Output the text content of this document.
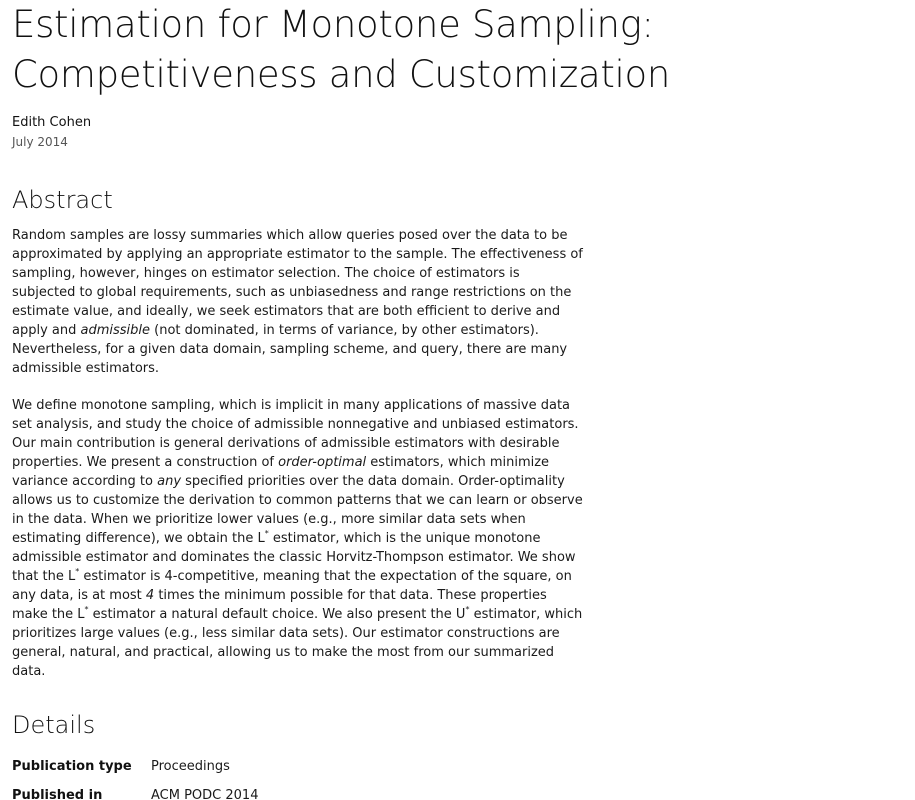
Estimation for Monotone Sampling: Competitiveness and Customization
Edith Cohen
July 2014
Abstract

Random samples are lossy summaries which allow queries posed over the data to be approximated by applying an appropriate estimator to the sample. The effectiveness of sampling, however, hinges on estimator selection. The choice of estimators is subjected to global requirements, such as unbiasedness and range restrictions on the estimate value, and ideally, we seek estimators that are both efficient to derive and apply and admissible (not dominated, in terms of variance, by other estimators). Nevertheless, for a given data domain, sampling scheme, and query, there are many admissible estimators.

We define monotone sampling, which is implicit in many applications of massive data set analysis, and study the choice of admissible nonnegative and unbiased estimators. Our main contribution is general derivations of admissible estimators with desirable properties. We present a construction of order-optimal estimators, which minimize variance according to any specified priorities over the data domain. Order-optimality allows us to customize the derivation to common patterns that we can learn or observe in the data. When we prioritize lower values (e.g., more similar data sets when estimating difference), we obtain the L* estimator, which is the unique monotone admissible estimator and dominates the classic Horvitz-Thompson estimator. We show that the L* estimator is 4-competitive, meaning that the expectation of the square, on any data, is at most 4 times the minimum possible for that data. These properties make the L* estimator a natural default choice. We also present the U* estimator, which prioritizes large values (e.g., less similar data sets). Our estimator constructions are general, natural, and practical, allowing us to make the most from our summarized data.

Details
Publication type	Proceedings
Published in	ACM PODC 2014
